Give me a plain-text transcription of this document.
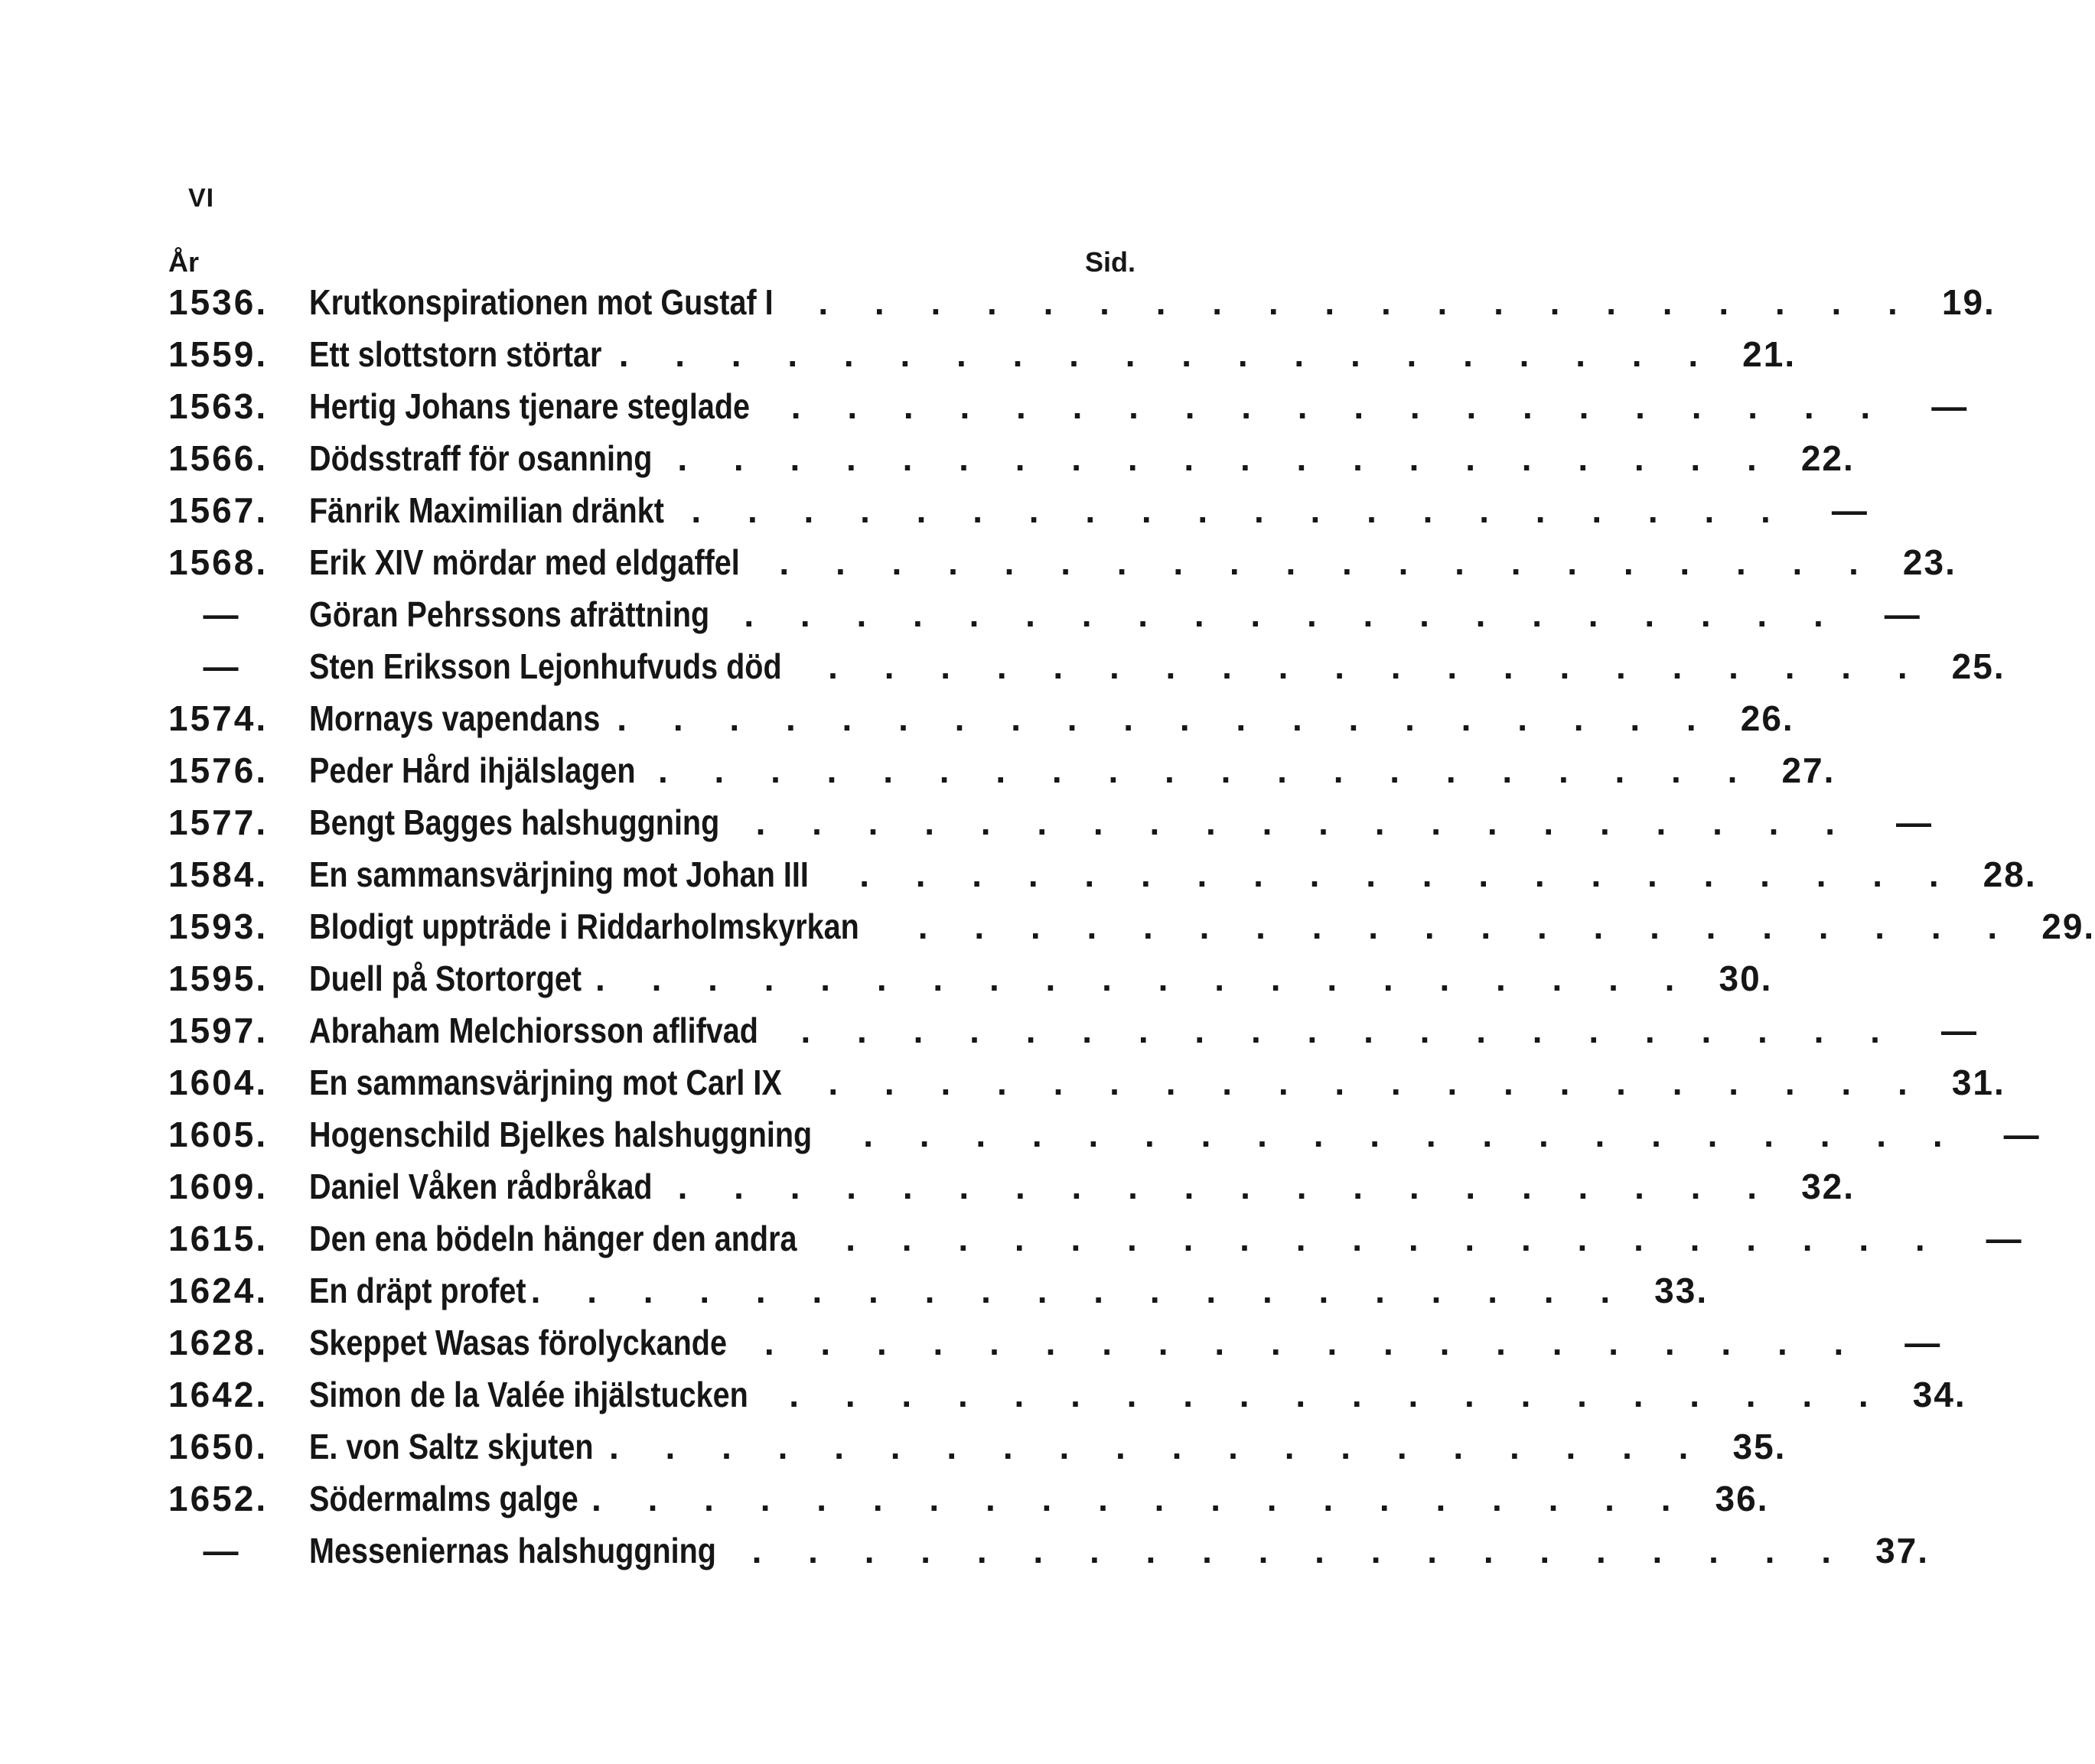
VI
År	Sid.
1536.	Krutkonspirationen mot Gustaf I . . . . . . . . . . . . . . . . . . . . 19.
1559.	Ett slottstorn störtar . . . . . . . . . . . . . . . . . . . . 21.
1563.	Hertig Johans tjenare steglade . . . . . . . . . . . . . . . . . . . .	—
1566.	Dödsstraff för osanning . . . . . . . . . . . . . . . . . . . . 22.
1567.	Fänrik Maximilian dränkt . . . . . . . . . . . . . . . . . . . .	—
1568.	Erik XIV mördar med eldgaffel . . . . . . . . . . . . . . . . . . . . 23.
—	Göran Pehrssons afrättning . . . . . . . . . . . . . . . . . . . .	—
—	Sten Eriksson Lejonhufvuds död . . . . . . . . . . . . . . . . . . . . 25.
1574.	Mornays vapendans . . . . . . . . . . . . . . . . . . . . 26.
1576.	Peder Hård ihjälslagen . . . . . . . . . . . . . . . . . . . . 27.
1577.	Bengt Bagges halshuggning . . . . . . . . . . . . . . . . . . . .	—
1584.	En sammansvärjning mot Johan III . . . . . . . . . . . . . . . . . . . . 28.
1593.	Blodigt uppträde i Riddarholmskyrkan . . . . . . . . . . . . . . . . . . . . 29.
1595.	Duell på Stortorget . . . . . . . . . . . . . . . . . . . . 30.
1597.	Abraham Melchiorsson aflifvad . . . . . . . . . . . . . . . . . . . .	—
1604.	En sammansvärjning mot Carl IX . . . . . . . . . . . . . . . . . . . . 31.
1605.	Hogenschild Bjelkes halshuggning . . . . . . . . . . . . . . . . . . . .	—
1609.	Daniel Våken rådbråkad . . . . . . . . . . . . . . . . . . . . 32.
1615.	Den ena bödeln hänger den andra . . . . . . . . . . . . . . . . . . . .	—
1624.	En dräpt profet . . . . . . . . . . . . . . . . . . . . 33.
1628.	Skeppet Wasas förolyckande . . . . . . . . . . . . . . . . . . . .	—
1642.	Simon de la Valée ihjälstucken . . . . . . . . . . . . . . . . . . . . 34.
1650.	E. von Saltz skjuten . . . . . . . . . . . . . . . . . . . . 35.
1652.	Södermalms galge . . . . . . . . . . . . . . . . . . . . 36.
—	Messeniernas halshuggning . . . . . . . . . . . . . . . . . . . . 37.
